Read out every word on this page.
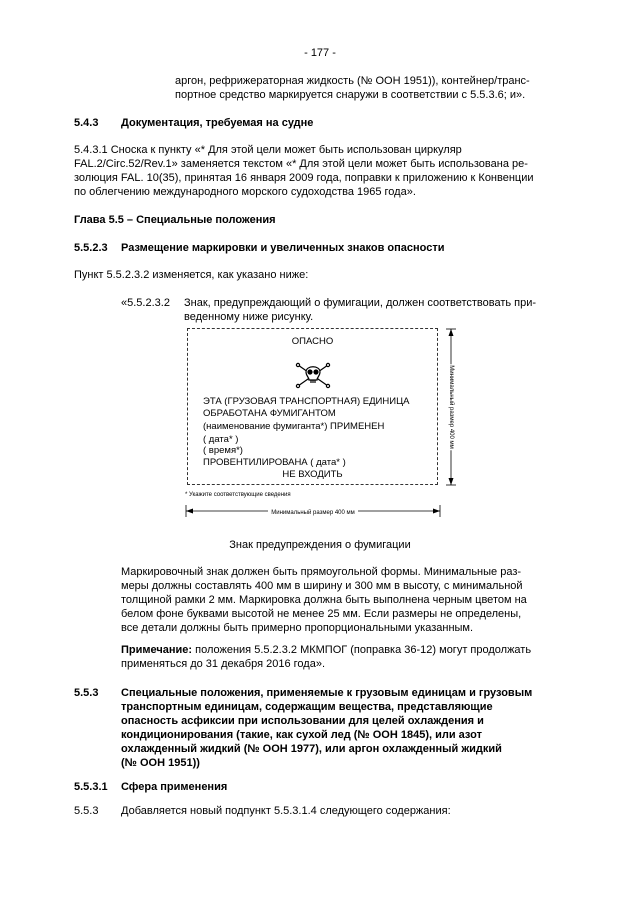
- 177 -
аргон, рефрижераторная жидкость (№ ООН 1951)), контейнер/транс-
портное средство маркируется снаружи в соответствии с 5.5.3.6; и».
5.4.3 Документация, требуемая на судне
5.4.3.1 Сноска к пункту «* Для этой цели может быть использован циркуляр
FAL.2/Circ.52/Rev.1» заменяется текстом «* Для этой цели может быть использована ре-
золюция FAL. 10(35), принятая 16 января 2009 года, поправки к приложению к Конвенции
по облегчению международного морского судоходства 1965 года».
Глава 5.5 – Специальные положения
5.5.2.3 Размещение маркировки и увеличенных знаков опасности
Пункт 5.5.2.3.2 изменяется, как указано ниже:
«5.5.2.3.2 Знак, предупреждающий о фумигации, должен соответствовать при-
веденному ниже рисунку.
ОПАСНО
ЭТА (ГРУЗОВАЯ ТРАНСПОРТНАЯ) ЕДИНИЦА
ОБРАБОТАНА ФУМИГАНТОМ
(наименование фумиганта*) ПРИМЕНЕН
( дата* )
( время*)
ПРОВЕНТИЛИРОВАНА ( дата* )
НЕ ВХОДИТЬ
Минимальный размер 400 мм
* Укажите соответствующие сведения
Минимальный размер 400 мм
Знак предупреждения о фумигации
Маркировочный знак должен быть прямоугольной формы. Минимальные раз-
меры должны составлять 400 мм в ширину и 300 мм в высоту, с минимальной
толщиной рамки 2 мм. Маркировка должна быть выполнена черным цветом на
белом фоне буквами высотой не менее 25 мм. Если размеры не определены,
все детали должны быть примерно пропорциональными указанным.
Примечание: положения 5.5.2.3.2 МКМПОГ (поправка 36-12) могут продолжать
применяться до 31 декабря 2016 года».
5.5.3 Специальные положения, применяемые к грузовым единицам и грузовым
транспортным единицам, содержащим вещества, представляющие
опасность асфиксии при использовании для целей охлаждения и
кондиционирования (такие, как сухой лед (№ ООН 1845), или азот
охлажденный жидкий (№ ООН 1977), или аргон охлажденный жидкий
(№ ООН 1951))
5.5.3.1 Сфера применения
5.5.3 Добавляется новый подпункт 5.5.3.1.4 следующего содержания:
